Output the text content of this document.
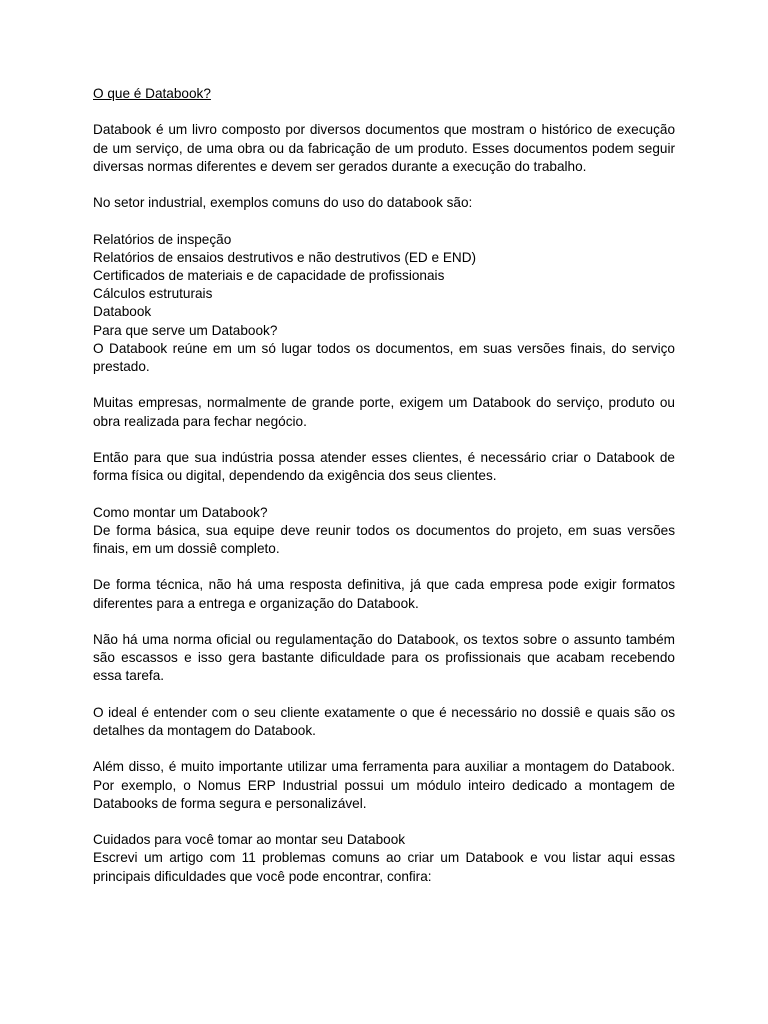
O que é Databook?

Databook é um livro composto por diversos documentos que mostram o histórico de execução de um serviço, de uma obra ou da fabricação de um produto. Esses documentos podem seguir diversas normas diferentes e devem ser gerados durante a execução do trabalho.

No setor industrial, exemplos comuns do uso do databook são:

Relatórios de inspeção

Relatórios de ensaios destrutivos e não destrutivos (ED e END)

Certificados de materiais e de capacidade de profissionais

Cálculos estruturais

Databook

Para que serve um Databook?

O Databook reúne em um só lugar todos os documentos, em suas versões finais, do serviço prestado.

Muitas empresas, normalmente de grande porte, exigem um Databook do serviço, produto ou obra realizada para fechar negócio.

Então para que sua indústria possa atender esses clientes, é necessário criar o Databook de forma física ou digital, dependendo da exigência dos seus clientes.

Como montar um Databook?

De forma básica, sua equipe deve reunir todos os documentos do projeto, em suas versões finais, em um dossiê completo.

De forma técnica, não há uma resposta definitiva, já que cada empresa pode exigir formatos diferentes para a entrega e organização do Databook.

Não há uma norma oficial ou regulamentação do Databook, os textos sobre o assunto também são escassos e isso gera bastante dificuldade para os profissionais que acabam recebendo essa tarefa.

O ideal é entender com o seu cliente exatamente o que é necessário no dossiê e quais são os detalhes da montagem do Databook.

Além disso, é muito importante utilizar uma ferramenta para auxiliar a montagem do Databook. Por exemplo, o Nomus ERP Industrial possui um módulo inteiro dedicado a montagem de Databooks de forma segura e personalizável.

Cuidados para você tomar ao montar seu Databook

Escrevi um artigo com 11 problemas comuns ao criar um Databook e vou listar aqui essas principais dificuldades que você pode encontrar, confira:
